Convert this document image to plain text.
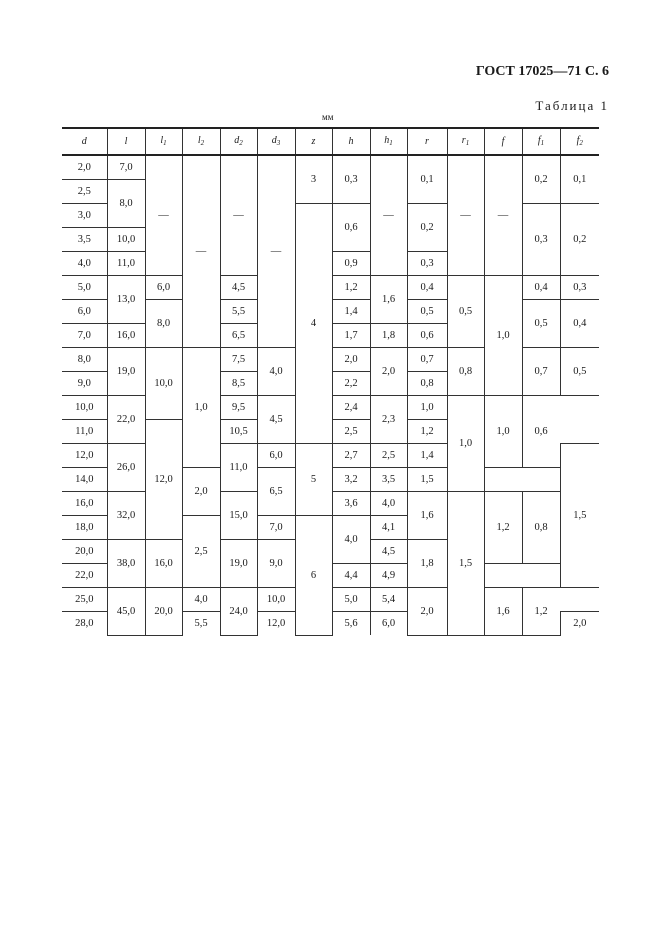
ГОСТ 17025—71 С. 6
Таблица 1
мм
d	l	$l_1$	$l_2$	$d_2$	$d_3$	z	h	$h_1$	r	$r_1$	f	$f_1$	$f_2$
2,0	7,0	—	—	—	—	3	0,3	—	0,1	—	—	0,2	0,1
2,5	8,0												
3,0						4	0,6		0,2			0,3	0,2
3,5	10,0												
4,0	11,0						0,9		0,3				
5,0	13,0	6,0		4,5			1,2	1,6	0,4	0,5	1,0	0,4	0,3
6,0		8,0		5,5			1,4		0,5			0,5	0,4
7,0	16,0			6,5			1,7	1,8	0,6				
8,0	19,0	10,0	1,0	7,5	4,0		2,0	2,0	0,7	0,8		0,7	0,5
9,0				8,5			2,2		0,8				
10,0	22,0			9,5	4,5		2,4	2,3	1,0	1,0	1,0	0,6	
11,0		12,0		10,5			2,5		1,2				
12,0	26,0			11,0	6,0	5	2,7	2,5	1,4				1,5
14,0			2,0		6,5		3,2	3,5	1,5				
16,0	32,0			15,0			3,6	4,0	1,6	1,5	1,2	0,8	
18,0			2,5		7,0	6	4,0	4,1					
20,0	38,0	16,0		19,0	9,0			4,5	1,8				
22,0							4,4	4,9					
25,0	45,0	20,0	4,0	24,0	10,0		5,0	5,4	2,0		1,6	1,2	
28,0			5,5		12,0		5,6	6,0					2,0
